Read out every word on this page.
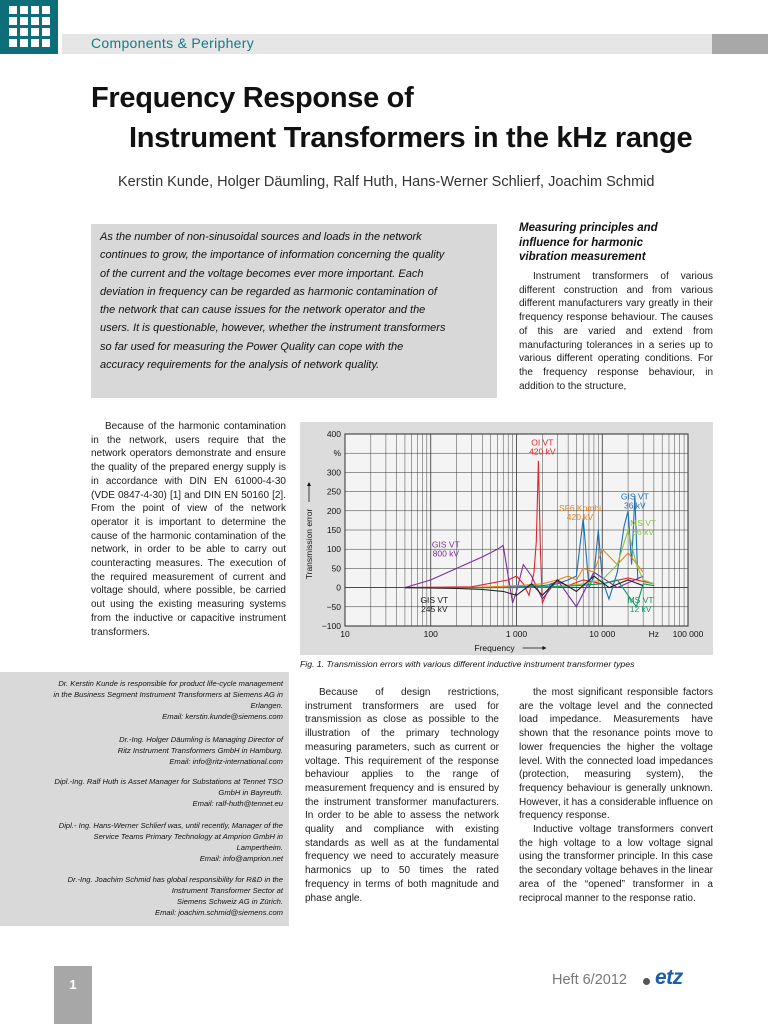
Components & Periphery
Frequency Response of
Instrument Transformers in the kHz range
Kerstin Kunde, Holger Däumling, Ralf Huth, Hans-Werner Schlierf, Joachim Schmid
As the number of non-sinusoidal sources and loads in the network
continues to grow, the importance of information concerning the quality
of the current and the voltage becomes ever more important. Each
deviation in frequency can be regarded as harmonic contamination of
the network that can cause issues for the network operator and the
users. It is questionable, however, whether the instrument transformers
so far used for measuring the Power Quality can cope with the
accuracy requirements for the analysis of network quality.
Measuring principles and
influence for harmonic
vibration measurement

Instrument transformers of various different construction and from various different manufacturers vary greatly in their frequency response behaviour. The causes of this are varied and extend from manufacturing tolerances in a series up to various different operating conditions. For the frequency response behaviour, in addition to the structure,

Because of the harmonic contamination in the network, users require that the network operators demonstrate and ensure the quality of the prepared energy supply is in accordance with DIN EN 61000-4-30 (VDE 0847-4-30) [1] and DIN EN 50160 [2]. From the point of view of the network operator it is important to determine the cause of the harmonic contamination of the network, in order to be able to carry out counteracting measures. The execution of the required measurement of current and voltage should, where possible, be carried out using the existing measuring systems from the inductive or capacitive instrument transformers.

400
%
300
250
200
150
100
50
0
−50
−100
10	100	1 000	10 000	100 000
Hz
Frequency
Transmission error
OI VT
420 kV
GIS VT
800 kV
GIS VT
36 kV
SF6 Kombi
420 kV
MS VT
36 kV
MS VT
12 kV
GIS VT
245 kV
Fig. 1. Transmission errors with various different inductive instrument transformer types
Dr. Kerstin Kunde is responsible for product life-cycle management
in the Business Segment Instrument Transformers at Siemens AG in
Erlangen.
Email: kerstin.kunde@siemens.com
Dr.-Ing. Holger Däumling is Managing Director of
Ritz Instrument Transformers GmbH in Hamburg.
Email: info@ritz-international.com
Dipl.-Ing. Ralf Huth is Asset Manager for Substations at Tennet TSO
GmbH in Bayreuth.
Email: ralf-huth@tennet.eu
Dipl.- Ing. Hans-Werner Schlierf was, until recently, Manager of the
Service Teams Primary Technology at Amprion GmbH in
Lampertheim.
Email: info@amprion.net
Dr.-Ing. Joachim Schmid has global responsibility for R&D in the
Instrument Transformer Sector at
Siemens Schweiz AG in Zürich.
Email: joachim.schmid@siemens.com

Because of design restrictions, instrument transformers are used for transmission as close as possible to the illustration of the primary technology measuring parameters, such as current or voltage. This requirement of the response behaviour applies to the range of measurement frequency and is ensured by the instrument transformer manufacturers. In order to be able to assess the network quality and compliance with existing standards as well as at the fundamental frequency we need to accurately measure harmonics up to 50 times the rated frequency in terms of both magnitude and phase angle.

the most significant responsible factors are the voltage level and the connected load impedance. Measurements have shown that the resonance points move to lower frequencies the higher the voltage level. With the connected load impedances (protection, measuring system), the frequency behaviour is generally unknown. However, it has a considerable influence on frequency response.

Inductive voltage transformers convert the high voltage to a low voltage signal using the transformer principle. In this case the secondary voltage behaves in the linear area of the “opened” transformer in a reciprocal manner to the response ratio.

1	Heft 6/2012 etz
